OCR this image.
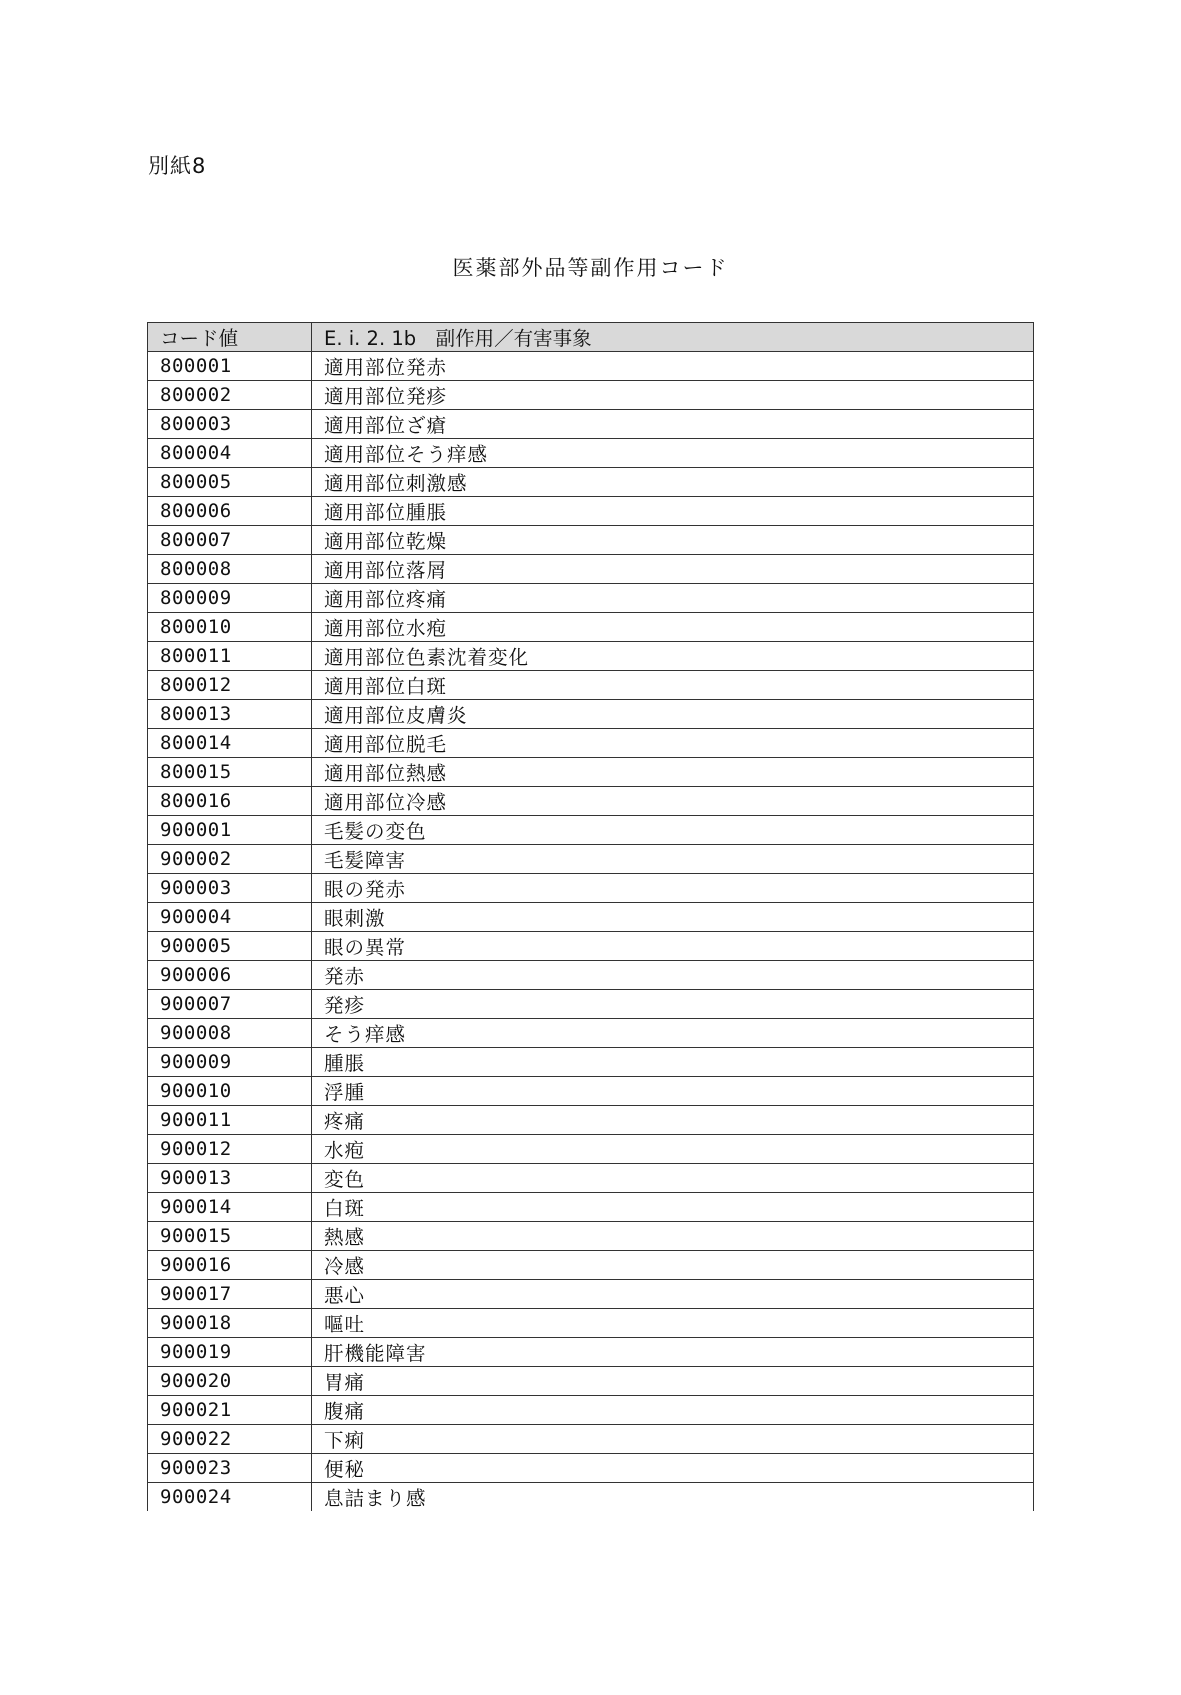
別紙8
医薬部外品等副作用コード
コード値	E. i. 2. 1b　副作用／有害事象
800001	適用部位発赤
800002	適用部位発疹
800003	適用部位ざ瘡
800004	適用部位そう痒感
800005	適用部位刺激感
800006	適用部位腫脹
800007	適用部位乾燥
800008	適用部位落屑
800009	適用部位疼痛
800010	適用部位水疱
800011	適用部位色素沈着変化
800012	適用部位白斑
800013	適用部位皮膚炎
800014	適用部位脱毛
800015	適用部位熱感
800016	適用部位冷感
900001	毛髪の変色
900002	毛髪障害
900003	眼の発赤
900004	眼刺激
900005	眼の異常
900006	発赤
900007	発疹
900008	そう痒感
900009	腫脹
900010	浮腫
900011	疼痛
900012	水疱
900013	変色
900014	白斑
900015	熱感
900016	冷感
900017	悪心
900018	嘔吐
900019	肝機能障害
900020	胃痛
900021	腹痛
900022	下痢
900023	便秘
900024	息詰まり感
